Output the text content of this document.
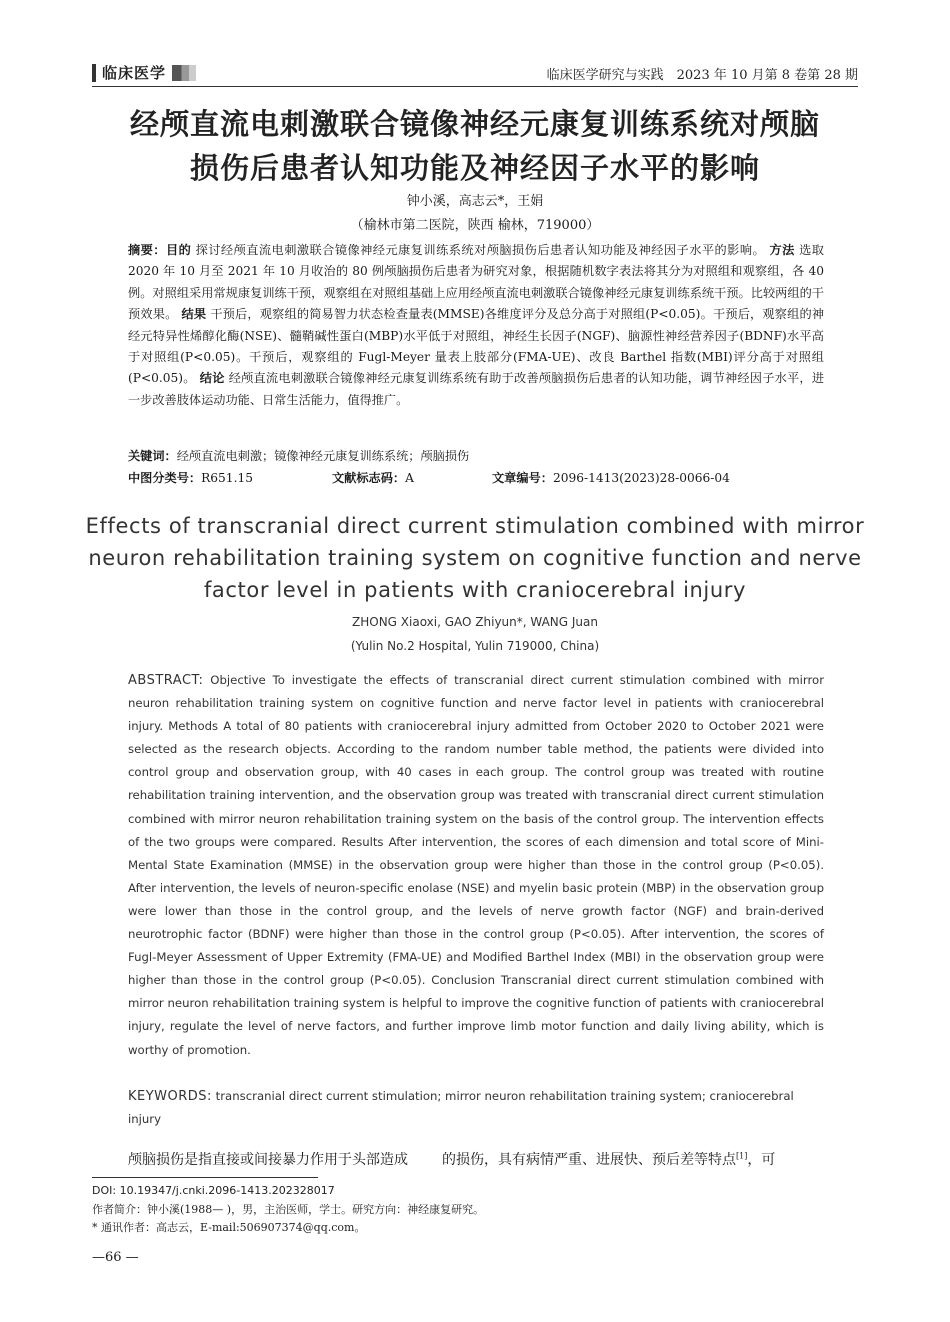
临床医学	临床医学研究与实践　2023 年 10 月第 8 卷第 28 期
经颅直流电刺激联合镜像神经元康复训练系统对颅脑
损伤后患者认知功能及神经因子水平的影响
钟小溪，高志云*，王娟
（榆林市第二医院，陕西 榆林，719000）
摘要：目的 探讨经颅直流电刺激联合镜像神经元康复训练系统对颅脑损伤后患者认知功能及神经因子水平的影响。 方法 选取 2020 年 10 月至 2021 年 10 月收治的 80 例颅脑损伤后患者为研究对象，根据随机数字表法将其分为对照组和观察组，各 40 例。对照组采用常规康复训练干预，观察组在对照组基础上应用经颅直流电刺激联合镜像神经元康复训练系统干预。比较两组的干预效果。 结果 干预后，观察组的简易智力状态检查量表(MMSE)各维度评分及总分高于对照组(P<0.05)。干预后，观察组的神经元特异性烯醇化酶(NSE)、髓鞘碱性蛋白(MBP)水平低于对照组，神经生长因子(NGF)、脑源性神经营养因子(BDNF)水平高于对照组(P<0.05)。干预后，观察组的 Fugl-Meyer 量表上肢部分(FMA-UE)、改良 Barthel 指数(MBI)评分高于对照组(P<0.05)。 结论 经颅直流电刺激联合镜像神经元康复训练系统有助于改善颅脑损伤后患者的认知功能，调节神经因子水平，进一步改善肢体运动功能、日常生活能力，值得推广。
关键词：经颅直流电刺激；镜像神经元康复训练系统；颅脑损伤
中图分类号：R651.15	文献标志码：A	文章编号：2096-1413(2023)28-0066-04
Effects of transcranial direct current stimulation combined with mirror neuron rehabilitation training system on cognitive function and nerve factor level in patients with craniocerebral injury
ZHONG Xiaoxi, GAO Zhiyun*, WANG Juan
(Yulin No.2 Hospital, Yulin 719000, China)
ABSTRACT: Objective To investigate the effects of transcranial direct current stimulation combined with mirror neuron rehabilitation training system on cognitive function and nerve factor level in patients with craniocerebral injury. Methods A total of 80 patients with craniocerebral injury admitted from October 2020 to October 2021 were selected as the research objects. According to the random number table method, the patients were divided into control group and observation group, with 40 cases in each group. The control group was treated with routine rehabilitation training intervention, and the observation group was treated with transcranial direct current stimulation combined with mirror neuron rehabilitation training system on the basis of the control group. The intervention effects of the two groups were compared. Results After intervention, the scores of each dimension and total score of Mini-Mental State Examination (MMSE) in the observation group were higher than those in the control group (P<0.05). After intervention, the levels of neuron-specific enolase (NSE) and myelin basic protein (MBP) in the observation group were lower than those in the control group, and the levels of nerve growth factor (NGF) and brain-derived neurotrophic factor (BDNF) were higher than those in the control group (P<0.05). After intervention, the scores of Fugl-Meyer Assessment of Upper Extremity (FMA-UE) and Modified Barthel Index (MBI) in the observation group were higher than those in the control group (P<0.05). Conclusion Transcranial direct current stimulation combined with mirror neuron rehabilitation training system is helpful to improve the cognitive function of patients with craniocerebral injury, regulate the level of nerve factors, and further improve limb motor function and daily living ability, which is worthy of promotion.
KEYWORDS: transcranial direct current stimulation; mirror neuron rehabilitation training system; craniocerebral injury
颅脑损伤是指直接或间接暴力作用于头部造成 的损伤，具有病情严重、进展快、预后差等特点[1]，可
DOI: 10.19347/j.cnki.2096-1413.202328017
作者简介：钟小溪(1988— )，男，主治医师，学士。研究方向：神经康复研究。
* 通讯作者：高志云，E-mail:506907374@qq.com。
—66 —
